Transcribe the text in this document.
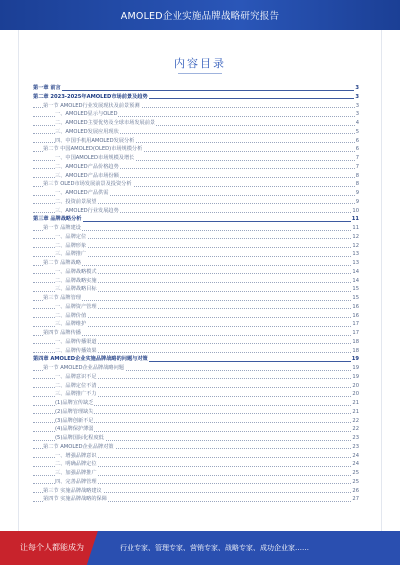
AMOLED企业实施品牌战略研究报告
内容目录
第一章 前言	3
第二章 2023-2025年AMOLED市场前景及趋势	3
第一节 AMOLED行业发展现状及前景预测	3
一、AMOLED显示与OLED	3
二、AMOLED主要优势及全球市场发展前景	4
三、AMOLED发展应用现状	5
四、中国手机用AMOLED发展分析	6
第二节 中国AMOLED(OLED)市场规模分析	6
一、中国AMOLED市场规模及增长	7
二、AMOLED产品价格趋势	7
三、AMOLED产品市场份额	8
第三节 OLED市场发展前景及投资分析	8
一、AMOLED产品供需	9
二、投资前景展望	9
三、AMOLED行业发展趋势	10
第三章 品牌战略分析	11
第一节 品牌建设	11
一、品牌定位	12
二、品牌形象	12
三、品牌推广	13
第二节 品牌战略	13
一、品牌战略模式	14
二、品牌战略实施	14
三、品牌战略目标	15
第三节 品牌管理	15
一、品牌资产管理	16
二、品牌价值	16
三、品牌维护	17
第四节 品牌传播	17
一、品牌传播渠道	18
二、品牌传播效果	18
第四章 AMOLED企业实施品牌战略的问题与对策	19
第一节 AMOLED企业品牌战略问题	19
一、品牌意识不足	19
二、品牌定位不清	20
三、品牌推广不力	20
(1)品牌宣传缺乏	21
(2)品牌管理缺失	21
(3)品牌创新不足	22
(4)品牌保护薄弱	22
(5)品牌国际化程度低	23
第二节 AMOLED企业品牌对策	23
一、增强品牌意识	24
二、明确品牌定位	24
三、加强品牌推广	25
四、完善品牌管理	25
第三节 实施品牌战略建议	26
第四节 实施品牌战略的保障	27
让每个人都能成为	行业专家、管理专家、营销专家、战略专家、成功企业家……
